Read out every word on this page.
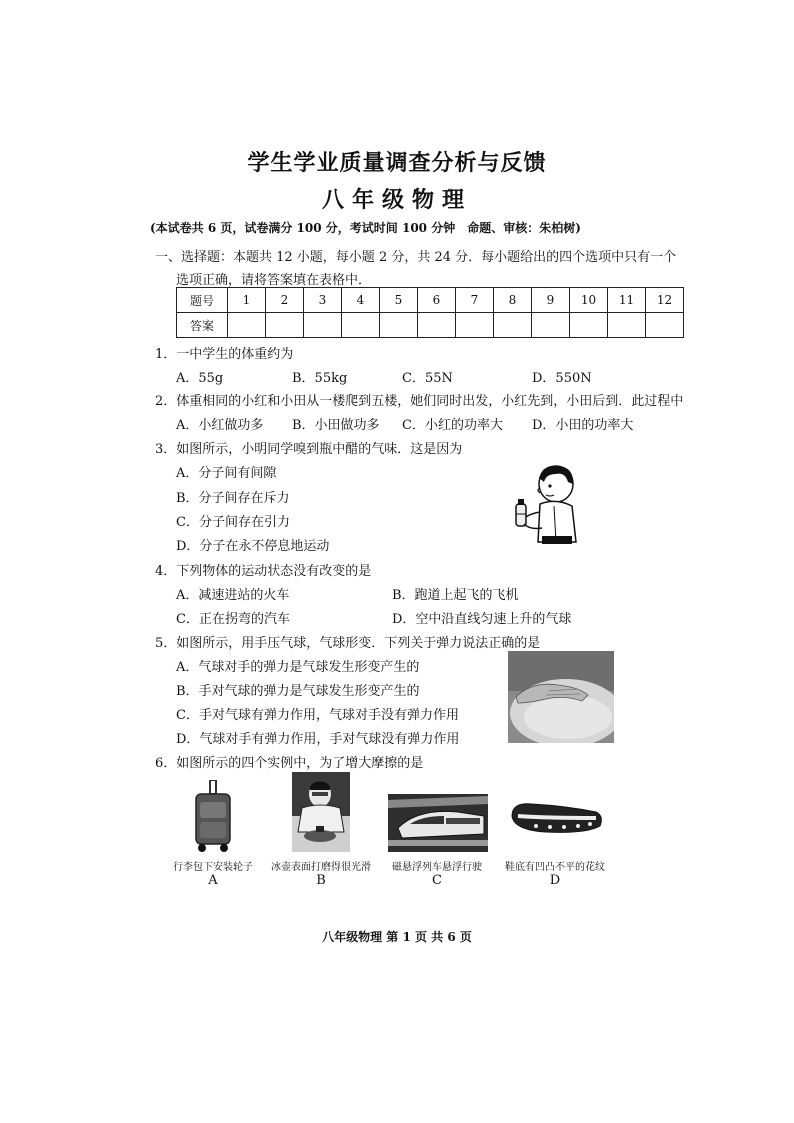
学生学业质量调查分析与反馈
八年级物理
(本试卷共 6 页，试卷满分 100 分，考试时间 100 分钟　命题、审核：朱柏树)
一、选择题：本题共 12 小题，每小题 2 分，共 24 分．每小题给出的四个选项中只有一个
选项正确，请将答案填在表格中．
题号	1	2	3	4	5	6	7	8	9	10	11	12
答案												
1．一中学生的体重约为
A．55g	B．55kg	C．55N	D．550N
2．体重相同的小红和小田从一楼爬到五楼，她们同时出发，小红先到，小田后到．此过程中
A．小红做功多 B．小田做功多 C．小红的功率大 D．小田的功率大
3．如图所示，小明同学嗅到瓶中醋的气味．这是因为
A．分子间有间隙
B．分子间存在斥力
C．分子间存在引力
D．分子在永不停息地运动
4．下列物体的运动状态没有改变的是
A．减速进站的火车	B．跑道上起飞的飞机
C．正在拐弯的汽车	D．空中沿直线匀速上升的气球
5．如图所示，用手压气球，气球形变．下列关于弹力说法正确的是
A．气球对手的弹力是气球发生形变产生的
B．手对气球的弹力是气球发生形变产生的
C．手对气球有弹力作用，气球对手没有弹力作用
D．气球对手有弹力作用，手对气球没有弹力作用
6．如图所示的四个实例中，为了增大摩擦的是
行李包下安装轮子	冰壶表面打磨得很光滑	磁悬浮列车悬浮行驶	鞋底有凹凸不平的花纹
A	B	C	D
八年级物理 第 1 页 共 6 页
